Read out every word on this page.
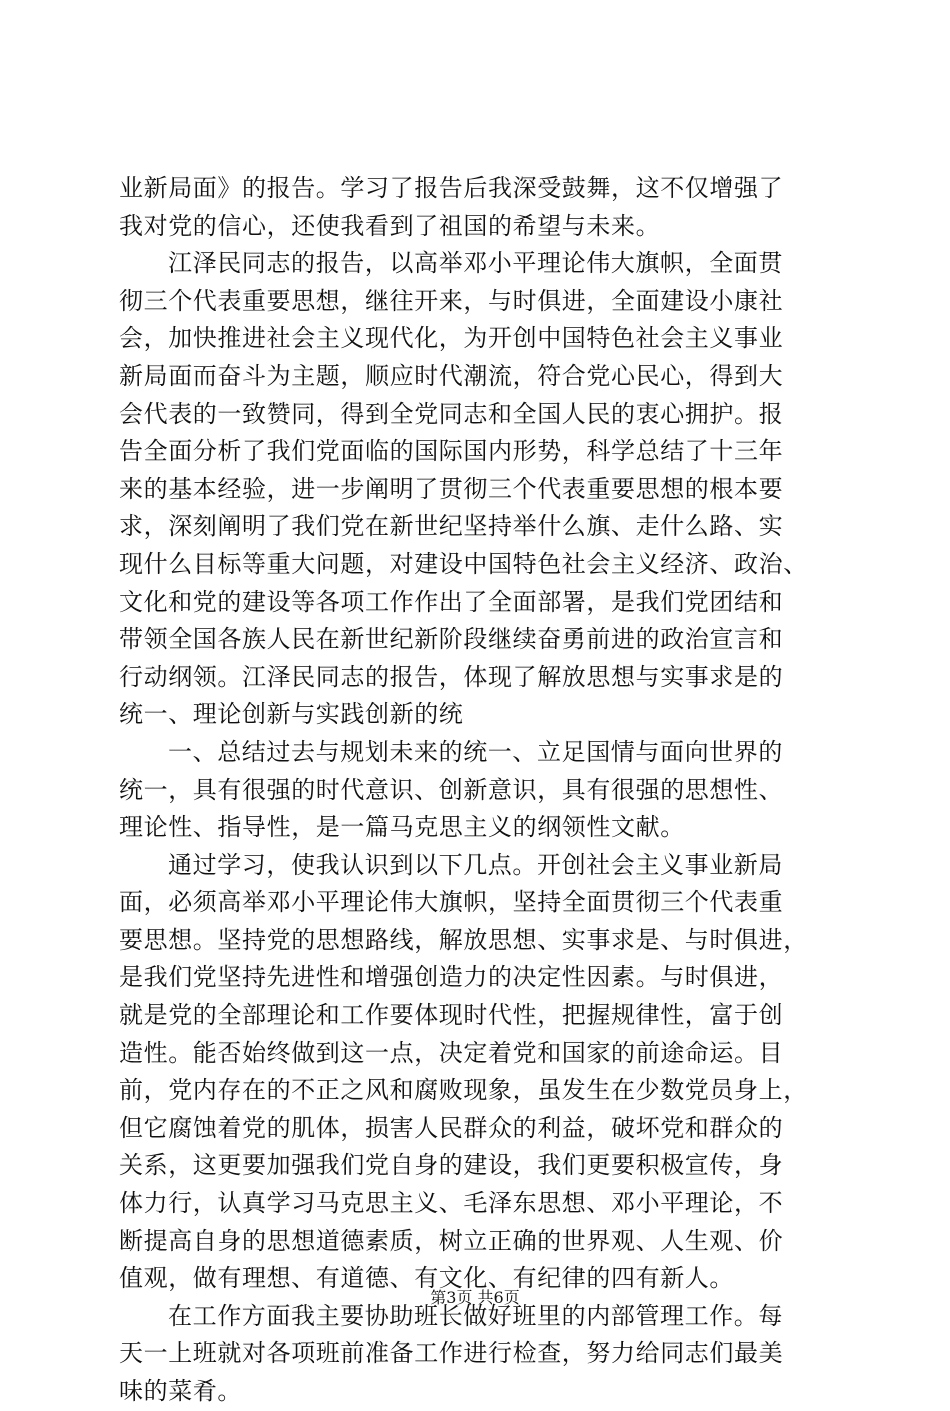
业新局面》的报告。学习了报告后我深受鼓舞，这不仅增强了
我对党的信心，还使我看到了祖国的希望与未来。
江泽民同志的报告，以高举邓小平理论伟大旗帜，全面贯
彻三个代表重要思想，继往开来，与时俱进，全面建设小康社
会，加快推进社会主义现代化，为开创中国特色社会主义事业
新局面而奋斗为主题，顺应时代潮流，符合党心民心，得到大
会代表的一致赞同，得到全党同志和全国人民的衷心拥护。报
告全面分析了我们党面临的国际国内形势，科学总结了十三年
来的基本经验，进一步阐明了贯彻三个代表重要思想的根本要
求，深刻阐明了我们党在新世纪坚持举什么旗、走什么路、实
现什么目标等重大问题，对建设中国特色社会主义经济、政治、
文化和党的建设等各项工作作出了全面部署，是我们党团结和
带领全国各族人民在新世纪新阶段继续奋勇前进的政治宣言和
行动纲领。江泽民同志的报告，体现了解放思想与实事求是的
统一、理论创新与实践创新的统
一、总结过去与规划未来的统一、立足国情与面向世界的
统一，具有很强的时代意识、创新意识，具有很强的思想性、
理论性、指导性，是一篇马克思主义的纲领性文献。
通过学习，使我认识到以下几点。开创社会主义事业新局
面，必须高举邓小平理论伟大旗帜，坚持全面贯彻三个代表重
要思想。坚持党的思想路线，解放思想、实事求是、与时俱进，
是我们党坚持先进性和增强创造力的决定性因素。与时俱进，
就是党的全部理论和工作要体现时代性，把握规律性，富于创
造性。能否始终做到这一点，决定着党和国家的前途命运。目
前，党内存在的不正之风和腐败现象，虽发生在少数党员身上，
但它腐蚀着党的肌体，损害人民群众的利益，破坏党和群众的
关系，这更要加强我们党自身的建设，我们更要积极宣传，身
体力行，认真学习马克思主义、毛泽东思想、邓小平理论，不
断提高自身的思想道德素质，树立正确的世界观、人生观、价
值观，做有理想、有道德、有文化、有纪律的四有新人。
在工作方面我主要协助班长做好班里的内部管理工作。每
天一上班就对各项班前准备工作进行检查，努力给同志们最美
味的菜肴。
第3页 共6页
